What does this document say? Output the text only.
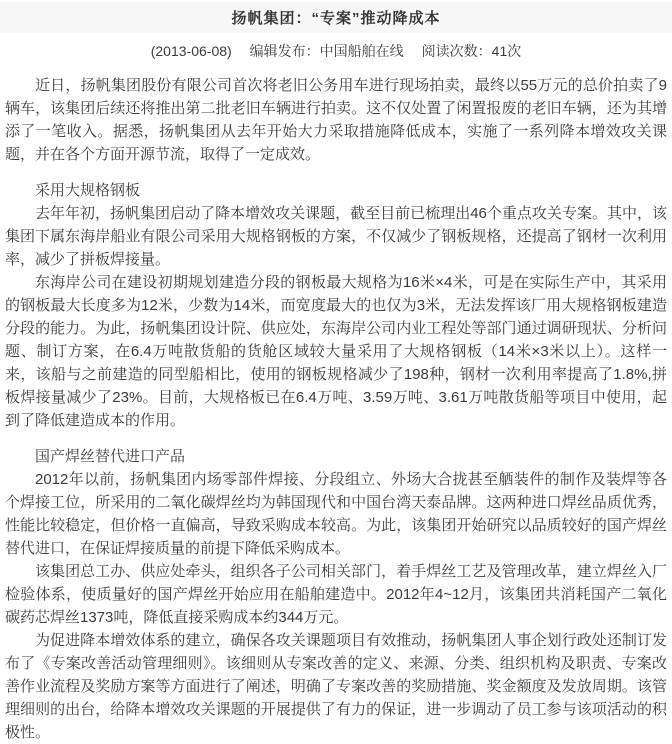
扬帆集团：“专案”推动降成本
(2013-06-08) 编辑发布：中国船舶在线 阅读次数：41次

近日，扬帆集团股份有限公司首次将老旧公务用车进行现场拍卖，最终以55万元的总价拍卖了9辆车，该集团后续还将推出第二批老旧车辆进行拍卖。这不仅处置了闲置报废的老旧车辆，还为其增添了一笔收入。据悉，扬帆集团从去年开始大力采取措施降低成本，实施了一系列降本增效攻关课题，并在各个方面开源节流，取得了一定成效。

采用大规格钢板

去年年初，扬帆集团启动了降本增效攻关课题，截至目前已梳理出46个重点攻关专案。其中，该集团下属东海岸船业有限公司采用大规格钢板的方案，不仅减少了钢板规格，还提高了钢材一次利用率，减少了拼板焊接量。

东海岸公司在建设初期规划建造分段的钢板最大规格为16米×4米，可是在实际生产中，其采用的钢板最大长度多为12米，少数为14米，而宽度最大的也仅为3米，无法发挥该厂用大规格钢板建造分段的能力。为此，扬帆集团设计院、供应处，东海岸公司内业工程处等部门通过调研现状、分析问题、制订方案，在6.4万吨散货船的货舱区域较大量采用了大规格钢板（14米×3米以上）。这样一来，该船与之前建造的同型船相比，使用的钢板规格减少了198种，钢材一次利用率提高了1.8%,拼板焊接量减少了23%。目前，大规格板已在6.4万吨、3.59万吨、3.61万吨散货船等项目中使用，起到了降低建造成本的作用。

国产焊丝替代进口产品

2012年以前，扬帆集团内场零部件焊接、分段组立、外场大合拢甚至舾装件的制作及装焊等各个焊接工位，所采用的二氧化碳焊丝均为韩国现代和中国台湾天泰品牌。这两种进口焊丝品质优秀，性能比较稳定，但价格一直偏高，导致采购成本较高。为此，该集团开始研究以品质较好的国产焊丝替代进口，在保证焊接质量的前提下降低采购成本。

该集团总工办、供应处牵头，组织各子公司相关部门，着手焊丝工艺及管理改革，建立焊丝入厂检验体系，使质量好的国产焊丝开始应用在船舶建造中。2012年4~12月，该集团共消耗国产二氧化碳药芯焊丝1373吨，降低直接采购成本约344万元。

为促进降本增效体系的建立，确保各攻关课题项目有效推动，扬帆集团人事企划行政处还制订发布了《专案改善活动管理细则》。该细则从专案改善的定义、来源、分类、组织机构及职责、专案改善作业流程及奖励方案等方面进行了阐述，明确了专案改善的奖励措施、奖金额度及发放周期。该管理细则的出台，给降本增效攻关课题的开展提供了有力的保证，进一步调动了员工参与该项活动的积极性。
